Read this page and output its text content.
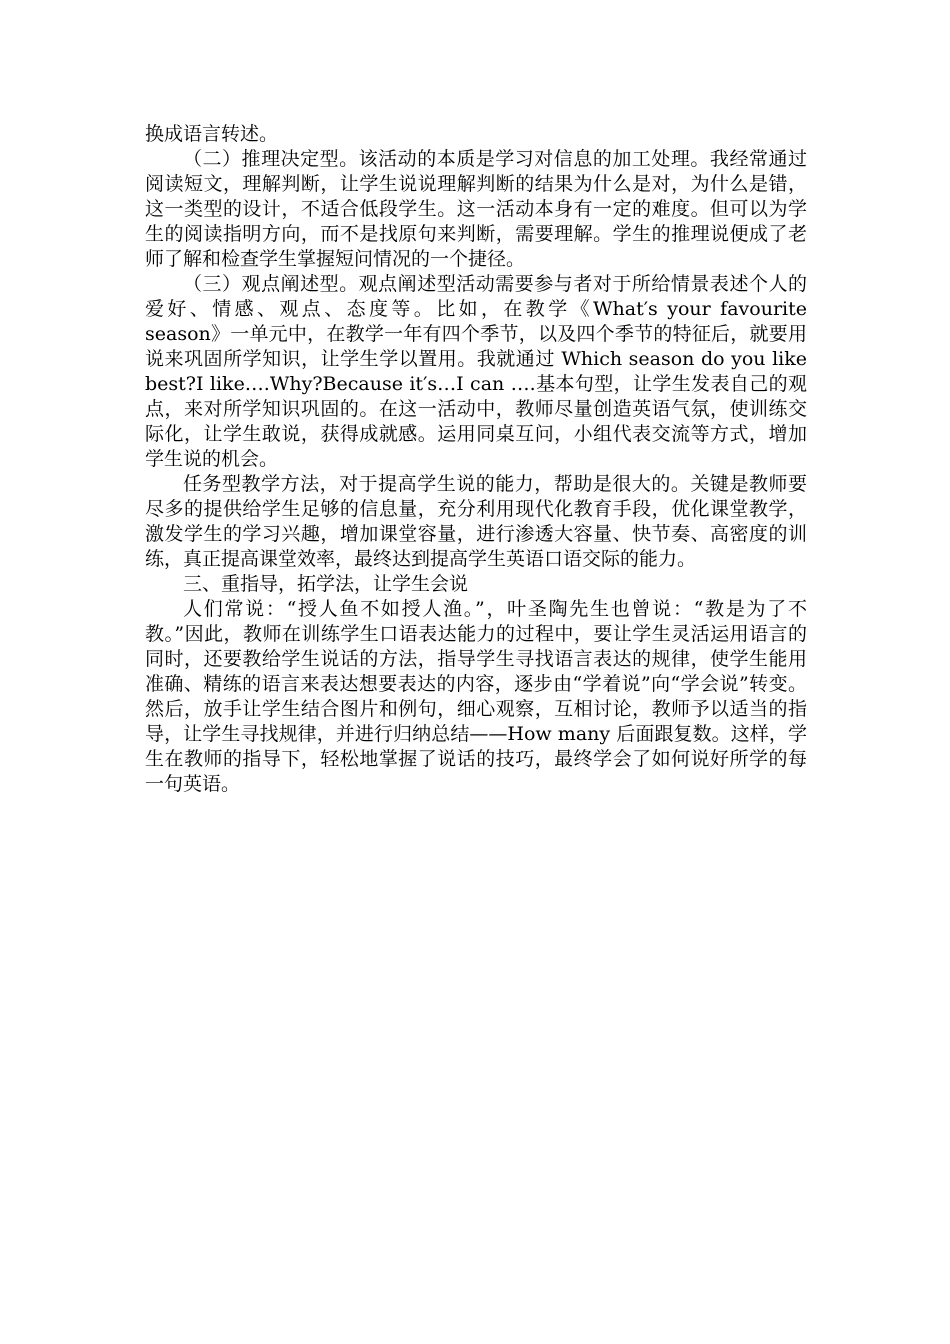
换成语言转述。

（二）推理决定型。该活动的本质是学习对信息的加工处理。我经常通过阅读短文，理解判断，让学生说说理解判断的结果为什么是对，为什么是错，这一类型的设计，不适合低段学生。这一活动本身有一定的难度。但可以为学生的阅读指明方向，而不是找原句来判断，需要理解。学生的推理说便成了老师了解和检查学生掌握短问情况的一个捷径。

（三）观点阐述型。观点阐述型活动需要参与者对于所给情景表述个人的爱好、情感、观点、态度等。比如，在教学《What′s your favourite season》一单元中，在教学一年有四个季节，以及四个季节的特征后，就要用说来巩固所学知识，让学生学以置用。我就通过 Which season do you like best?I like….Why?Because it′s…I can ….基本句型，让学生发表自己的观点，来对所学知识巩固的。在这一活动中，教师尽量创造英语气氛，使训练交际化，让学生敢说，获得成就感。运用同桌互问，小组代表交流等方式，增加学生说的机会。

任务型教学方法，对于提高学生说的能力，帮助是很大的。关键是教师要尽多的提供给学生足够的信息量，充分利用现代化教育手段，优化课堂教学，激发学生的学习兴趣，增加课堂容量，进行渗透大容量、快节奏、高密度的训练，真正提高课堂效率，最终达到提高学生英语口语交际的能力。

三、重指导，拓学法，让学生会说

人们常说：“授人鱼不如授人渔。”，叶圣陶先生也曾说：“教是为了不教。”因此，教师在训练学生口语表达能力的过程中，要让学生灵活运用语言的同时，还要教给学生说话的方法，指导学生寻找语言表达的规律，使学生能用准确、精练的语言来表达想要表达的内容，逐步由“学着说”向“学会说”转变。然后，放手让学生结合图片和例句，细心观察，互相讨论，教师予以适当的指导，让学生寻找规律，并进行归纳总结——How many 后面跟复数。这样，学生在教师的指导下，轻松地掌握了说话的技巧，最终学会了如何说好所学的每一句英语。
